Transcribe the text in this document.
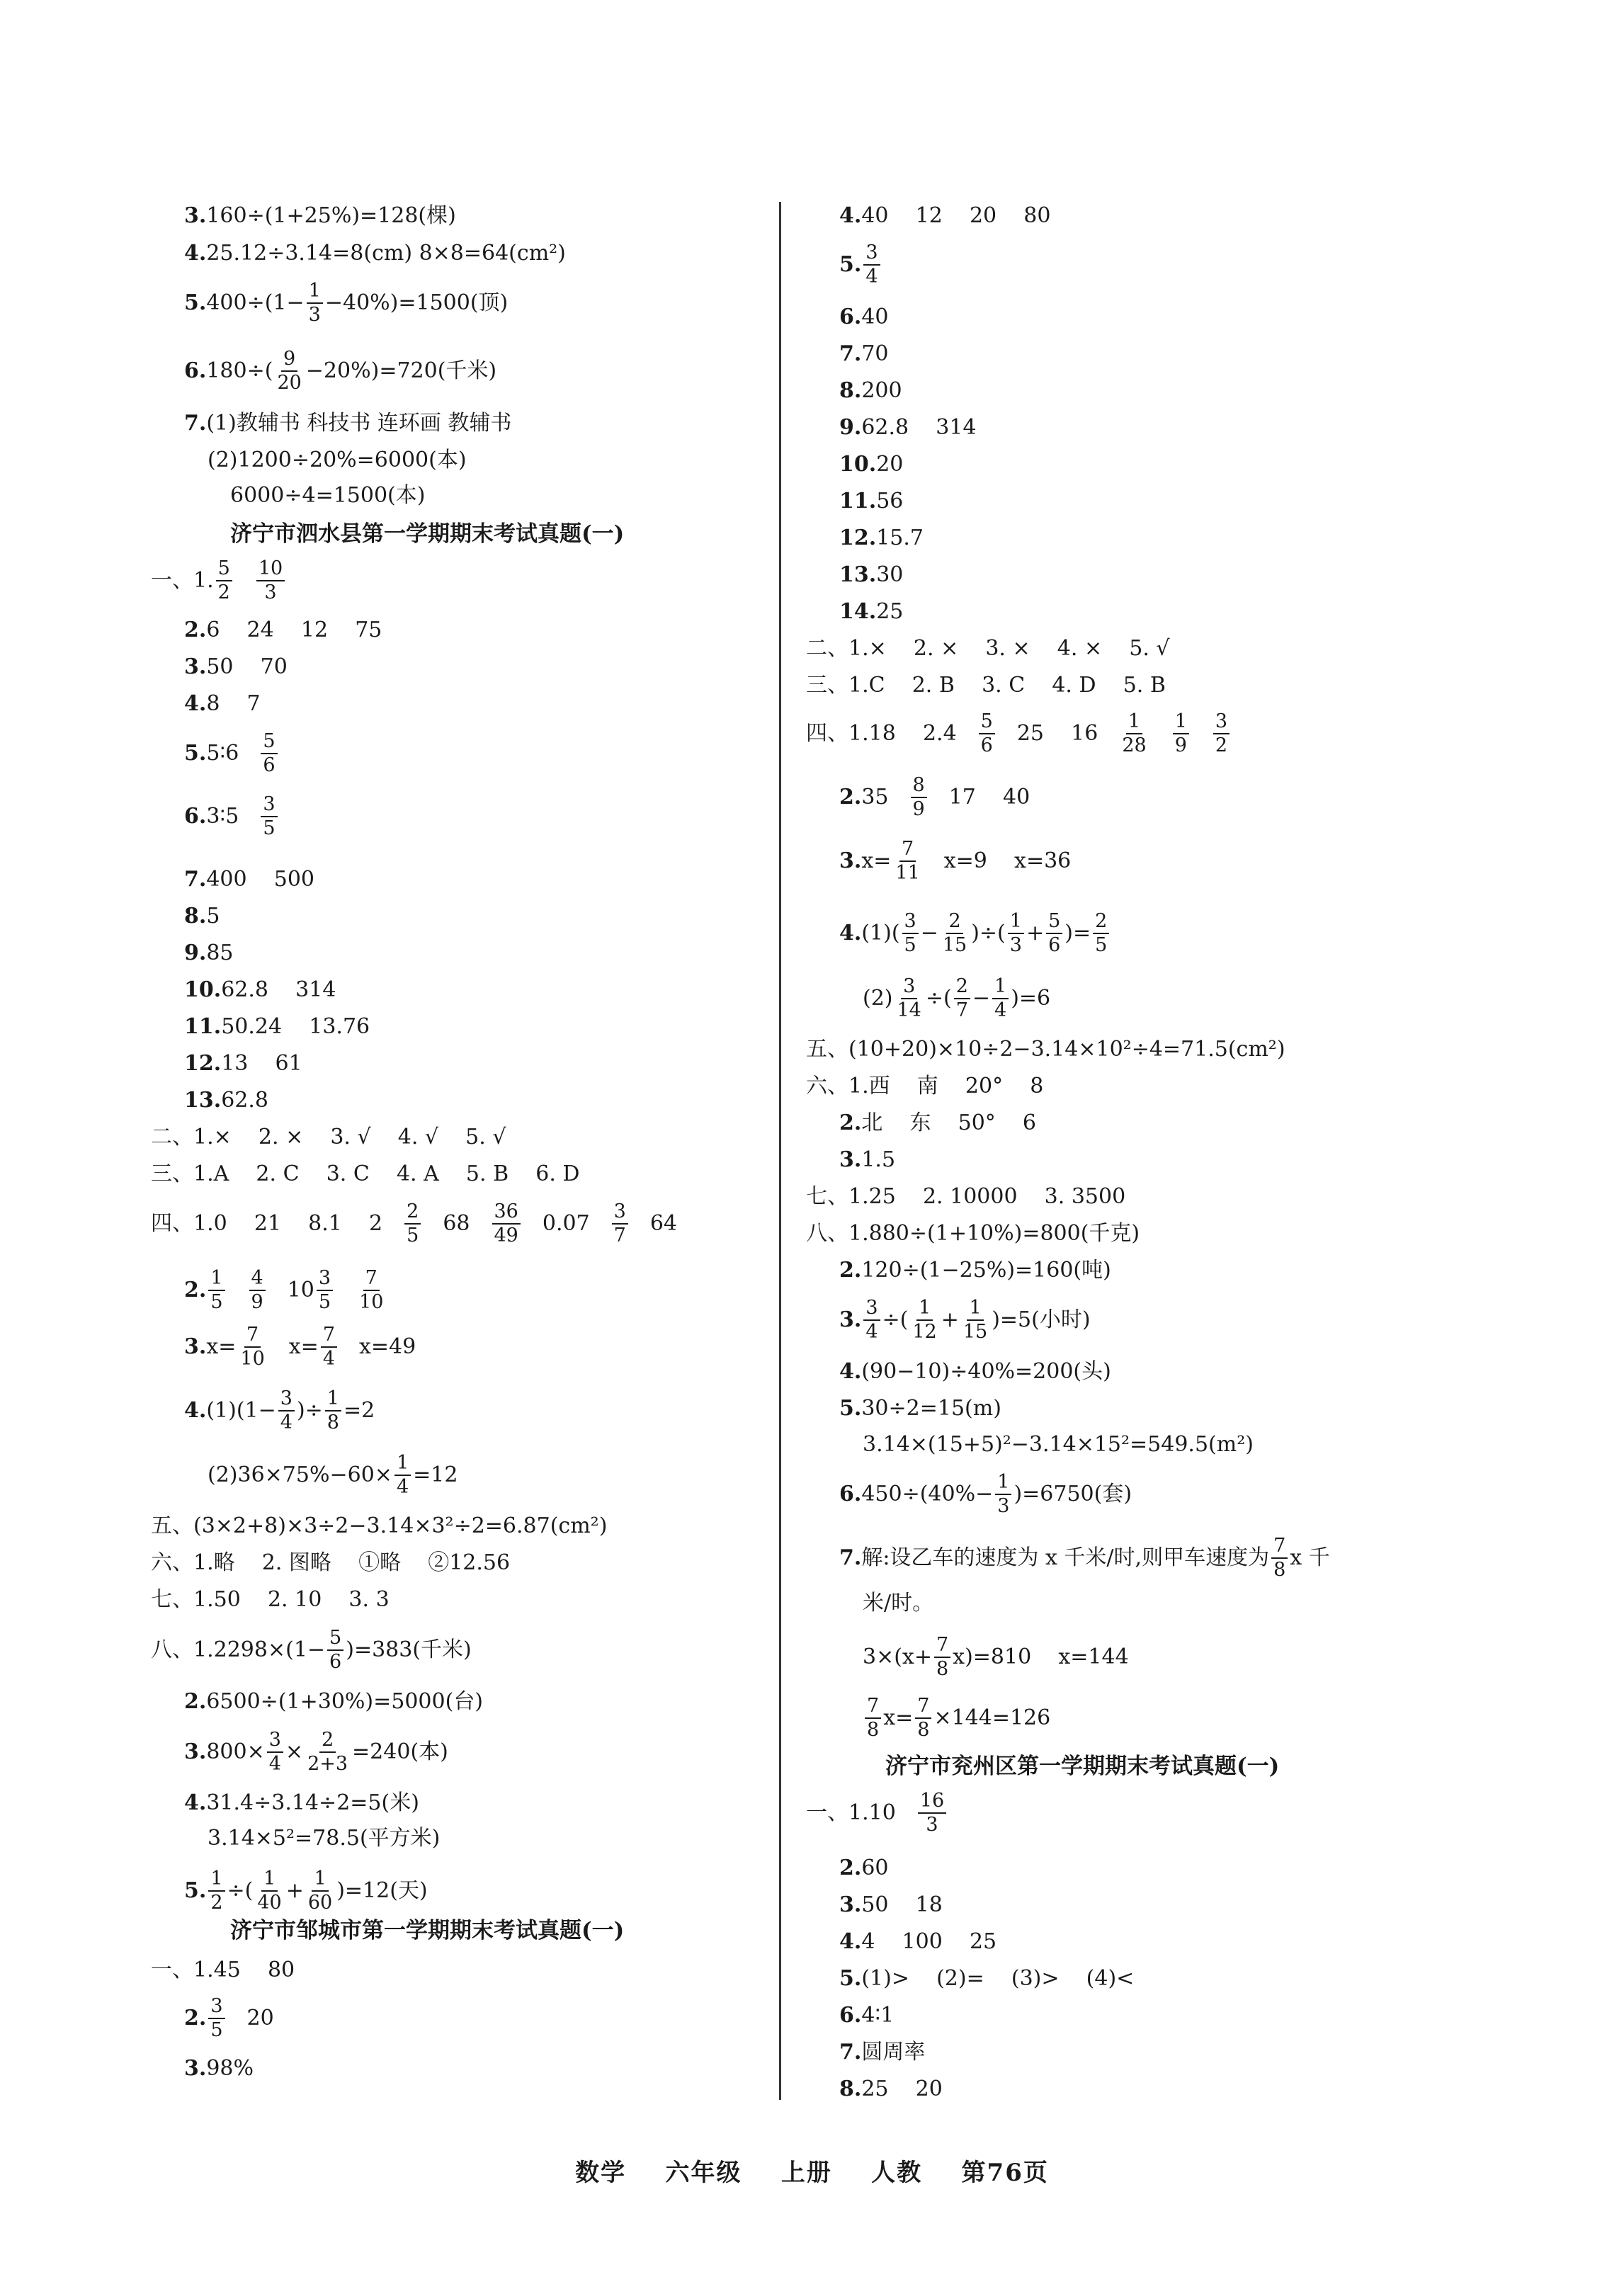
3. 160÷(1+25%)=128(棵)
4. 25.12÷3.14=8(cm) 8×8=64(cm²)
5. $400\div(1- \frac{1}{3} -40\%)=1500$(顶)
6. $180\div( \frac{9}{20} -20\%)=720$(千米)
7. (1)教辅书 科技书 连环画 教辅书
(2)1200÷20%=6000(本)
6000÷4=1500(本)
济宁市泗水县第一学期期末考试真题(一)
一、1. $\frac{5}{2} \frac{10}{3}$
2. 6    24    12    75
3. 50    70
4. 8    7
5. 5∶6 $\frac{5}{6}$
6. 3∶5 $\frac{3}{5}$
7. 400    500
8. 5
9. 85
10. 62.8    314
11. 50.24    13.76
12. 13    61
13. 62.8
二、1. ×    2. ×    3. √    4. √    5. √
三、1. A    2. C    3. C    4. A    5. B    6. D
四、1. 0    21    8.1    $2 \frac{2}{5} 68 \frac{36}{49} 0.07 \frac{3}{7} 64$
2. $\frac{1}{5} \frac{4}{9} 10 \frac{3}{5} \frac{7}{10}$
3. $x= \frac{7}{10} x= \frac{7}{4} x=49$
4. $(1)(1- \frac{3}{4}$ )÷ $\frac{1}{8} =2$
$(2)36\times 75\%-60\times \frac{1}{4} =12$
五、(3×2+8)×3÷2−3.14×3²÷2=6.87(cm²)
六、1. 略    2. 图略    ①略    ②12.56
七、1. 50    2. 10    3. 3
八、1. $2298\times(1- \frac{5}{6} )=383$(千米)
2. 6500÷(1+30%)=5000(台)
3. $800\times \frac{3}{4} \times \frac{2}{2+3} =240$(本)
4. 31.4÷3.14÷2=5(米)
3.14×5²=78.5(平方米)
5. $\frac{1}{2}$ ÷( $\frac{1}{40} + \frac{1}{60} )=12$(天)
济宁市邹城市第一学期期末考试真题(一)
一、1. 45    80
2. $\frac{3}{5} 20$
3. 98%
4. 40    12    20    80
5. $\frac{3}{4}$
6. 40
7. 70
8. 200
9. 62.8    314
10. 20
11. 56
12. 15.7
13. 30
14. 25
二、1. ×    2. ×    3. ×    4. ×    5. √
三、1. C    2. B    3. C    4. D    5. B
四、1. 18    $2.4 \frac{5}{6} 25$    $16 \frac{1}{28} \frac{1}{9} \frac{3}{2}$
2. $35 \frac{8}{9} 17$    40
3. $x= \frac{7}{11} x=9$    x=36
4. $(1)( \frac{3}{5} - \frac{2}{15}$ )÷( $\frac{1}{3} + \frac{5}{6}$ )= $\frac{2}{5}$
$(2) \frac{3}{14}$ ÷( $\frac{2}{7} - \frac{1}{4} )=6$
五、(10+20)×10÷2−3.14×10²÷4=71.5(cm²)
六、1. 西    南    20°    8
2. 北    东    50°    6
3. 1.5
七、1. 25    2. 10000    3. 3500
八、1. 880÷(1+10%)=800(千克)
2. 120÷(1−25%)=160(吨)
3. $\frac{3}{4}$ ÷( $\frac{1}{12} + \frac{1}{15} )=5$(小时)
4. (90−10)÷40%=200(头)
5. 30÷2=15(m)
3.14×(15+5)²−3.14×15²=549.5(m²)
6. $450\div(40\%- \frac{1}{3} )=6750$(套)
7. 解:设乙车的速度为 x 千米/时,则甲车速度为 $\frac{7}{8}$ x 千
米/时。
$3\times(x+ \frac{7}{8} x)=810$    x=144
$\frac{7}{8} x= \frac{7}{8} \times 144=126$
济宁市兖州区第一学期期末考试真题(一)
一、1. $10 \frac{16}{3}$
2. 60
3. 50    18
4. 4    100    25
5. (1)>    (2)=    (3)>    (4)<
6. 4∶1
7. 圆周率
8. 25    20
数学    六年级    上册    人教    第76页
